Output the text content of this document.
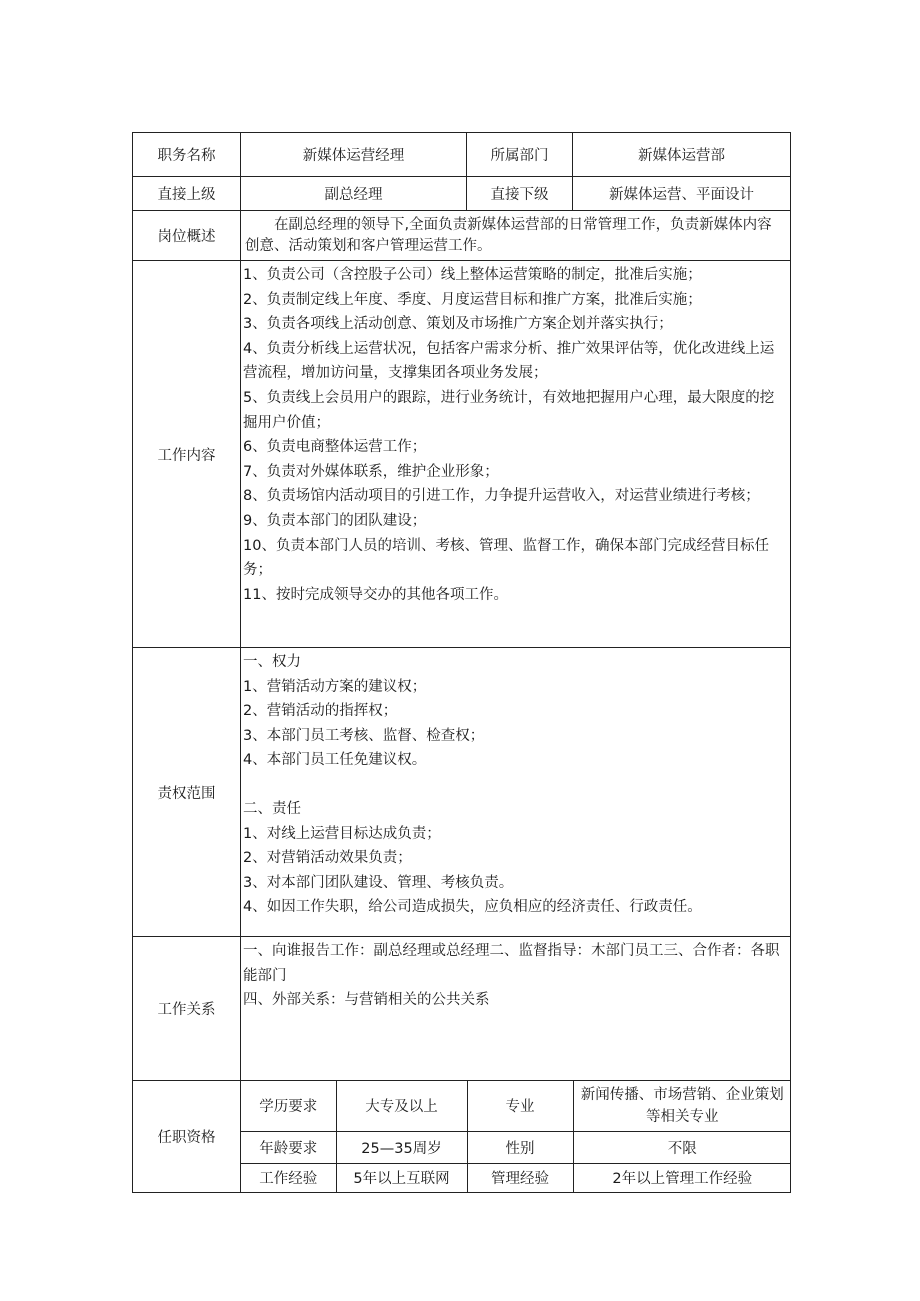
职务名称	新媒体运营经理	所属部门	新媒体运营部
直接上级	副总经理	直接下级	新媒体运营、平面设计
岗位概述	在副总经理的领导下,全面负责新媒体运营部的日常管理工作，负责新媒体内容创意、活动策划和客户管理运营工作。
工作内容	
1、负责公司（含控股子公司）线上整体运营策略的制定，批准后实施；
2、负责制定线上年度、季度、月度运营目标和推广方案，批准后实施；
3、负责各项线上活动创意、策划及市场推广方案企划并落实执行；
4、负责分析线上运营状况，包括客户需求分析、推广效果评估等，优化改进线上运营流程，增加访问量，支撑集团各项业务发展；
5、负责线上会员用户的跟踪，进行业务统计，有效地把握用户心理，最大限度的挖掘用户价值；
6、负责电商整体运营工作；
7、负责对外媒体联系，维护企业形象；
8、负责场馆内活动项目的引进工作，力争提升运营收入，对运营业绩进行考核；
9、负责本部门的团队建设；
10、负责本部门人员的培训、考核、管理、监督工作，确保本部门完成经营目标任务；
11、按时完成领导交办的其他各项工作。

责权范围	
一、权力
1、营销活动方案的建议权；
2、营销活动的指挥权；
3、本部门员工考核、监督、检查权；
4、本部门员工任免建议权。
二、责任
1、对线上运营目标达成负责；
2、对营销活动效果负责；
3、对本部门团队建设、管理、考核负责。
4、如因工作失职，给公司造成损失，应负相应的经济责任、行政责任。

工作关系	
一、向谁报告工作：副总经理或总经理二、监督指导：木部门员工三、合作者：各职能部门
四、外部关系：与营销相关的公共关系

任职资格	
学历要求	大专及以上	专业	新闻传播、市场营销、企业策划等相关专业
年龄要求	25—35周岁	性别	不限
工作经验	5年以上互联网	管理经验	2年以上管理工作经验
